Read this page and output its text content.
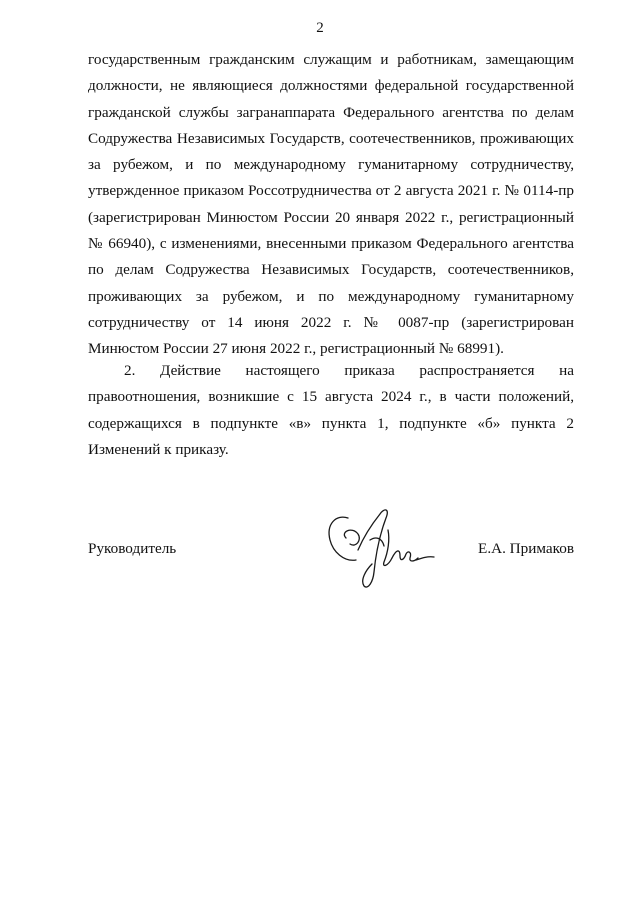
2

государственным гражданским служащим и работникам, замещающим должности, не являющиеся должностями федеральной государственной гражданской службы загранаппарата Федерального агентства по делам Содружества Независимых Государств, соотечественников, проживающих за рубежом, и по международному гуманитарному сотрудничеству, утвержденное приказом Россотрудничества от 2 августа 2021 г. № 0114-пр (зарегистрирован Минюстом России 20 января 2022 г., регистрационный № 66940), с изменениями, внесенными приказом Федерального агентства по делам Содружества Независимых Государств, соотечественников, проживающих за рубежом, и по международному гуманитарному сотрудничеству от 14 июня 2022 г. № 0087-пр (зарегистрирован Минюстом России 27 июня 2022 г., регистрационный № 68991).

2. Действие настоящего приказа распространяется на правоотношения, возникшие с 15 августа 2024 г., в части положений, содержащихся в подпункте «в» пункта 1, подпункте «б» пункта 2 Изменений к приказу.

Руководитель	Е.А. Примаков
